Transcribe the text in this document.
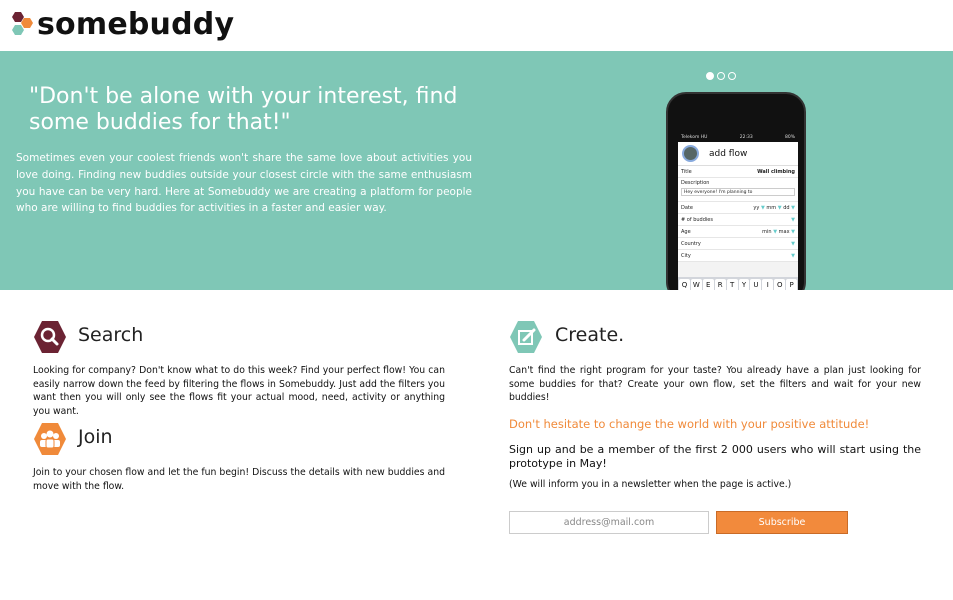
somebuddy
"Don't be alone with your interest, find some buddies for that!"
Sometimes even your coolest friends won't share the same love about activities you love doing. Finding new buddies outside your closest circle with the same enthusiasm you have can be very hard. Here at Somebuddy we are creating a platform for people who are willing to find buddies for activities in a faster and easier way.
Telekom HU	22:33	80%
add flow
Title	Wall climbing
Description
Hey everyone! I'm planning to
Date	yy ▼ mm ▼ dd ▼
# of buddies	▼
Age	min ▼ max ▼
Country	▼
City	▼
Q W E	R	T	Y	U	I	O	P
Search
Looking for company? Don't know what to do this week? Find your perfect flow! You can easily narrow down the feed by filtering the flows in Somebuddy. Just add the filters you want then you will only see the flows fit your actual mood, need, activity or anything you want.
Join
Join to your chosen flow and let the fun begin! Discuss the details with new buddies and move with the flow.
Create.
Can't find the right program for your taste? You already have a plan just looking for some buddies for that? Create your own flow, set the filters and wait for your new buddies!
Don't hesitate to change the world with your positive attitude!
Sign up and be a member of the first 2 000 users who will start using the prototype in May!
(We will inform you in a newsletter when the page is active.)
address@mail.com
Subscribe
